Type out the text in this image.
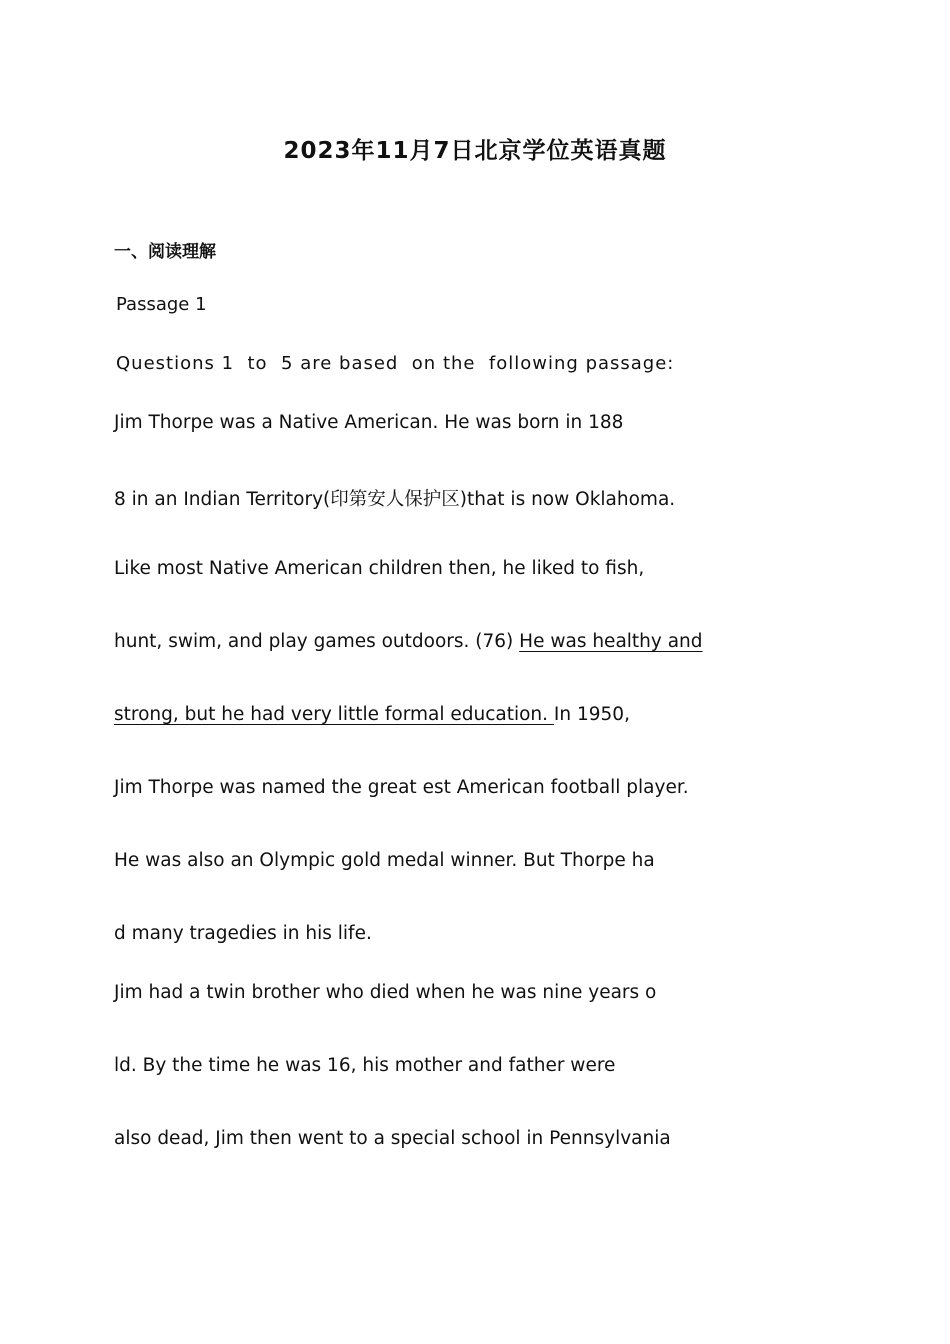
2023年11月7日北京学位英语真题
一、阅读理解
Passage 1
Questions 1  to  5 are based  on the  following passage:
Jim Thorpe was a Native American. He was born in 188
8 in an Indian Territory(印第安人保护区)that is now Oklahoma.
Like most Native American children then, he liked to fish,
hunt, swim, and play games outdoors. (76) He was healthy and
strong, but he had very little formal education. In 1950,
Jim Thorpe was named the great est American football player.
He was also an Olympic gold medal winner. But Thorpe ha
d many tragedies in his life.
Jim had a twin brother who died when he was nine years o
ld. By the time he was 16, his mother and father were
also dead, Jim then went to a special school in Pennsylvania
